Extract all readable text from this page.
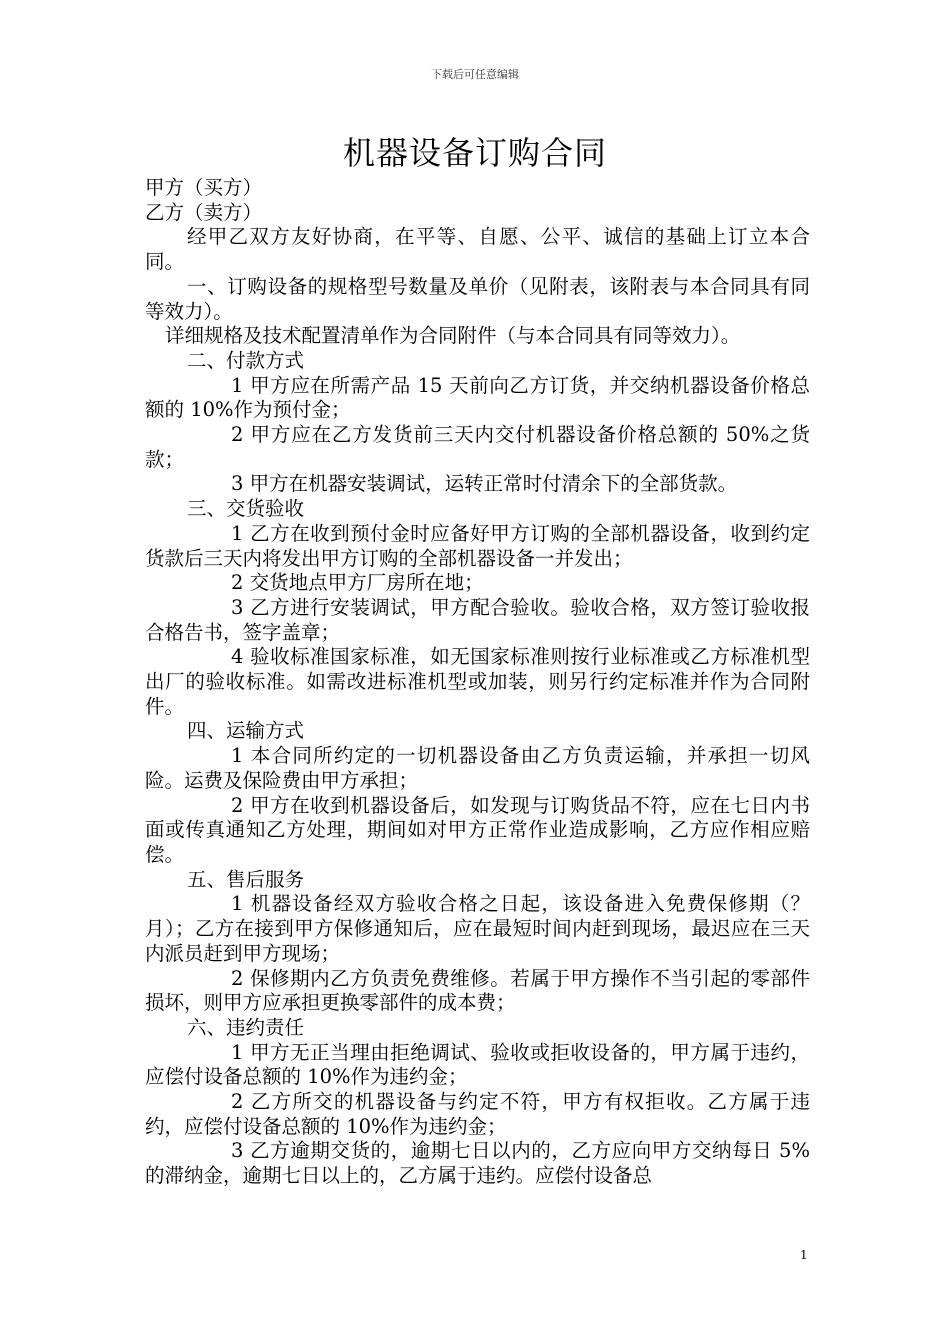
下载后可任意编辑
机器设备订购合同

甲方（买方）

乙方（卖方）

经甲乙双方友好协商，在平等、自愿、公平、诚信的基础上订立本合同。

一、订购设备的规格型号数量及单价（见附表，该附表与本合同具有同等效力）。

详细规格及技术配置清单作为合同附件（与本合同具有同等效力）。

二、付款方式

1 甲方应在所需产品 15 天前向乙方订货，并交纳机器设备价格总额的 10%作为预付金；

2 甲方应在乙方发货前三天内交付机器设备价格总额的 50%之货款；

3 甲方在机器安装调试，运转正常时付清余下的全部货款。

三、交货验收

1 乙方在收到预付金时应备好甲方订购的全部机器设备，收到约定货款后三天内将发出甲方订购的全部机器设备一并发出；

2 交货地点甲方厂房所在地；

3 乙方进行安装调试，甲方配合验收。验收合格，双方签订验收报合格告书，签字盖章；

4 验收标准国家标准，如无国家标准则按行业标准或乙方标准机型出厂的验收标准。如需改进标准机型或加装，则另行约定标准并作为合同附件。

四、运输方式

1 本合同所约定的一切机器设备由乙方负责运输，并承担一切风险。运费及保险费由甲方承担；

2 甲方在收到机器设备后，如发现与订购货品不符，应在七日内书面或传真通知乙方处理，期间如对甲方正常作业造成影响，乙方应作相应赔偿。

五、售后服务

1 机器设备经双方验收合格之日起，该设备进入免费保修期（？月）；乙方在接到甲方保修通知后，应在最短时间内赶到现场，最迟应在三天内派员赶到甲方现场；

2 保修期内乙方负责免费维修。若属于甲方操作不当引起的零部件损坏，则甲方应承担更换零部件的成本费；

六、违约责任

1 甲方无正当理由拒绝调试、验收或拒收设备的，甲方属于违约，应偿付设备总额的 10%作为违约金；

2 乙方所交的机器设备与约定不符，甲方有权拒收。乙方属于违约，应偿付设备总额的 10%作为违约金；

3 乙方逾期交货的，逾期七日以内的，乙方应向甲方交纳每日 5%的滞纳金，逾期七日以上的，乙方属于违约。应偿付设备总

1
